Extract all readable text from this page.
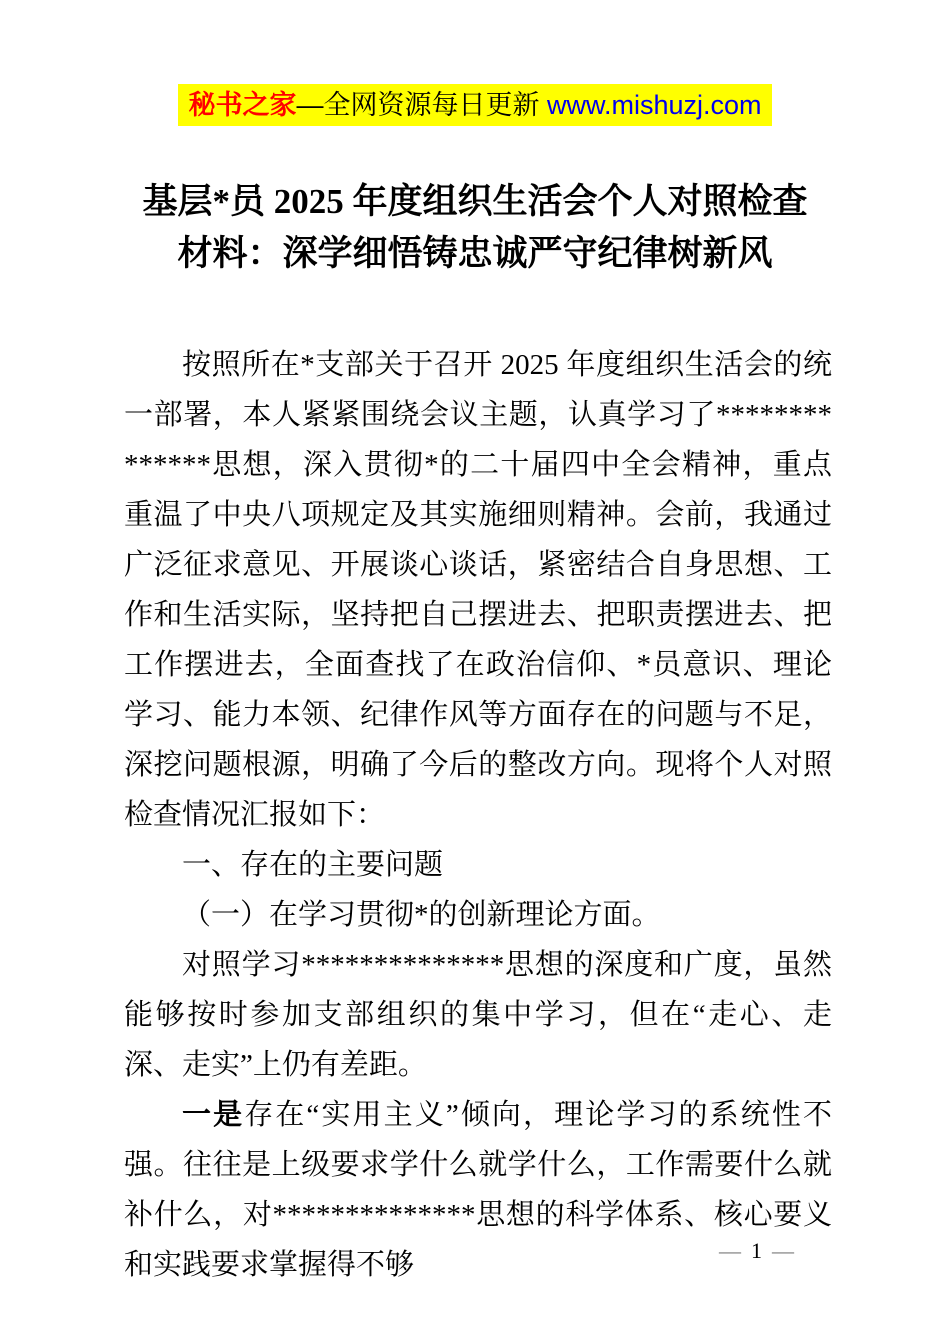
秘书之家—全网资源每日更新 www.mishuzj.com
基层*员 2025 年度组织生活会个人对照检查
材料：深学细悟铸忠诚严守纪律树新风

按照所在*支部关于召开 2025 年度组织生活会的统一部署，本人紧紧围绕会议主题，认真学习了**************思想，深入贯彻*的二十届四中全会精神，重点重温了中央八项规定及其实施细则精神。会前，我通过广泛征求意见、开展谈心谈话，紧密结合自身思想、工作和生活实际，坚持把自己摆进去、把职责摆进去、把工作摆进去，全面查找了在政治信仰、*员意识、理论学习、能力本领、纪律作风等方面存在的问题与不足，深挖问题根源，明确了今后的整改方向。现将个人对照检查情况汇报如下：

一、存在的主要问题

（一）在学习贯彻*的创新理论方面。

对照学习**************思想的深度和广度，虽然能够按时参加支部组织的集中学习，但在“走心、走深、走实”上仍有差距。

一是存在“实用主义”倾向，理论学习的系统性不强。往往是上级要求学什么就学什么，工作需要什么就补什么，对**************思想的科学体系、核心要义和实践要求掌握得不够	— 1 —
